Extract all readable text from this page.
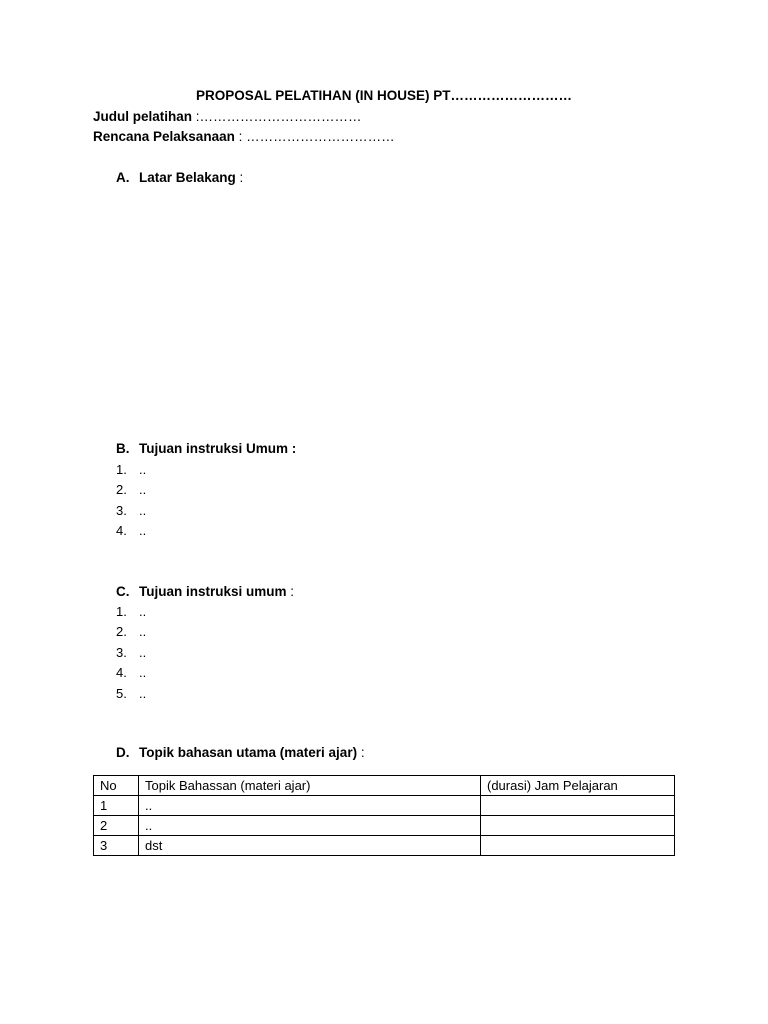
PROPOSAL PELATIHAN (IN HOUSE) PT………………………
Judul pelatihan :………………………………
Rencana Pelaksanaan : ……………………………
A. Latar Belakang :
B. Tujuan instruksi Umum :
1. ..
2. ..
3. ..
4. ..
C. Tujuan instruksi umum :
1. ..
2. ..
3. ..
4. ..
5. ..
D. Topik bahasan utama (materi ajar) :
No	Topik Bahassan (materi ajar)	(durasi) Jam Pelajaran
1	..	
2	..	
3	dst	
